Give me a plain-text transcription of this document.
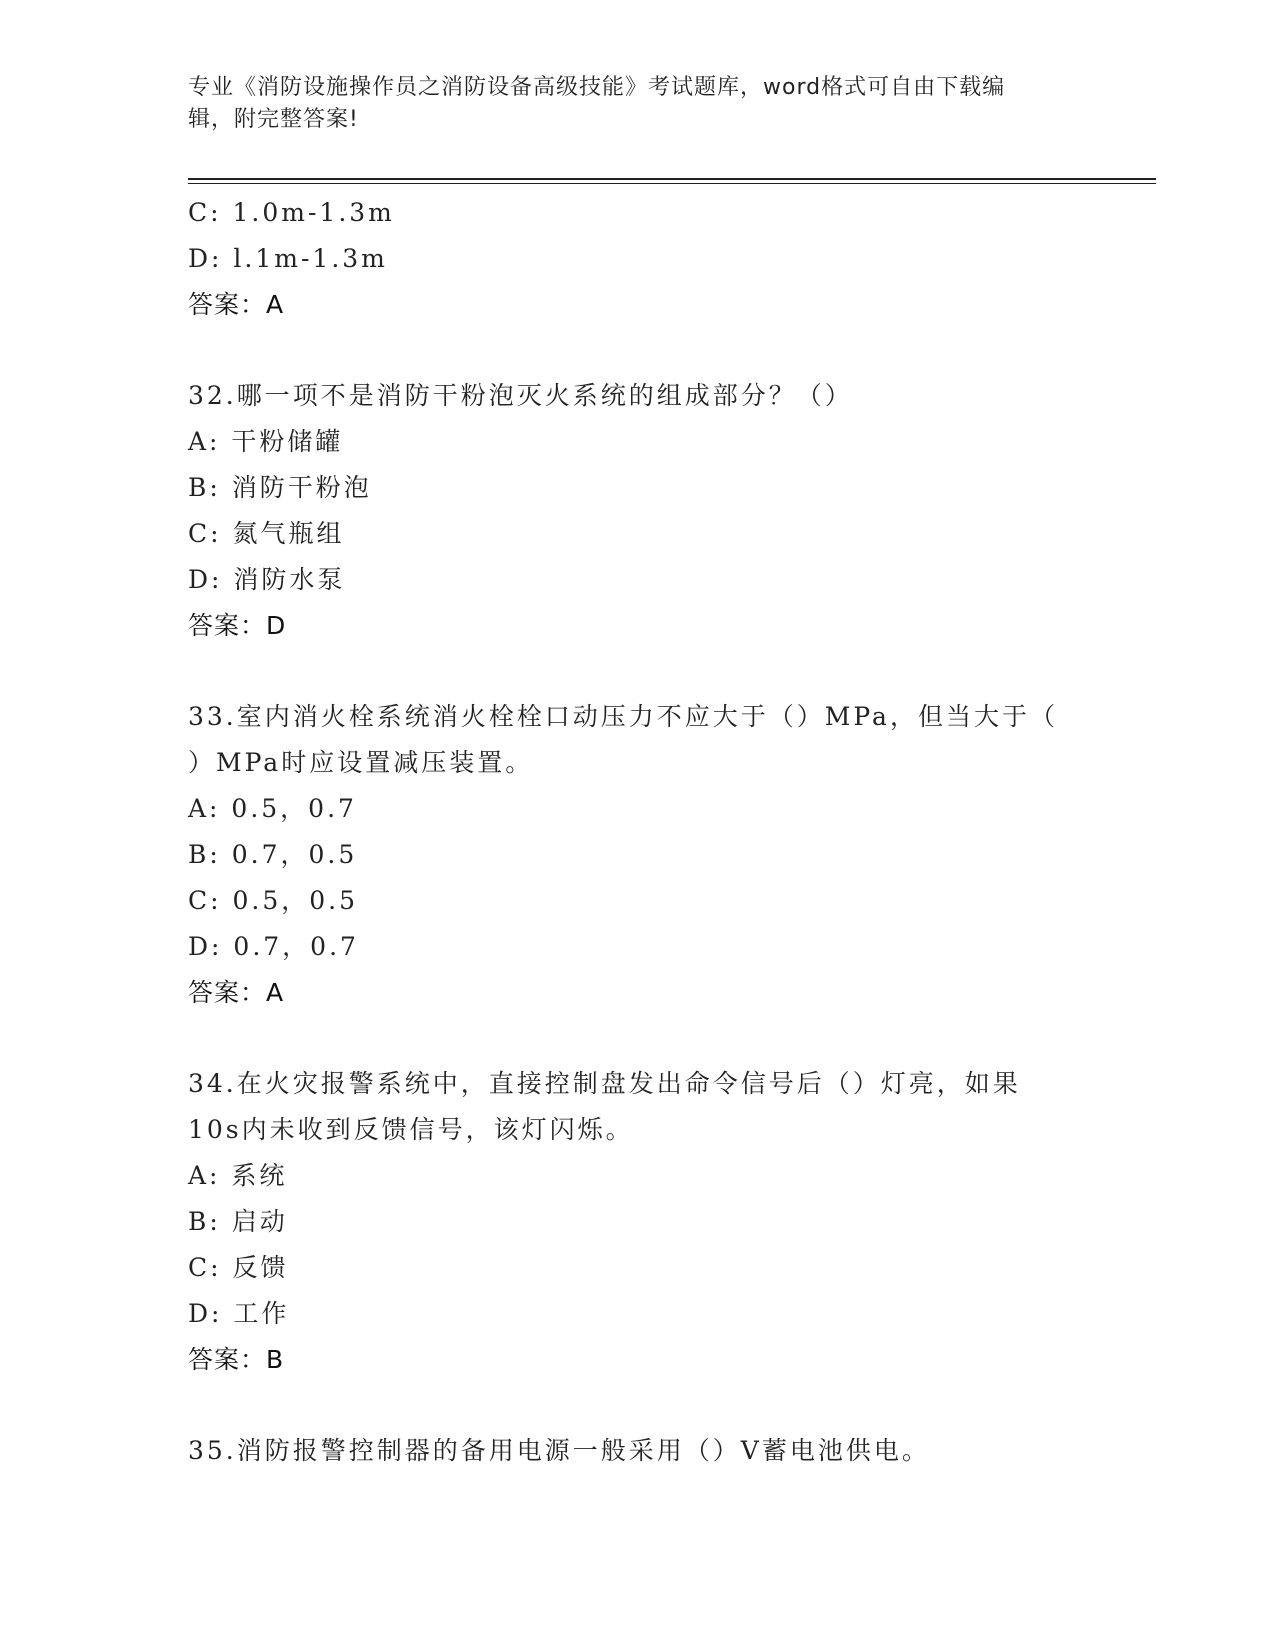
专业《消防设施操作员之消防设备高级技能》考试题库，word格式可自由下载编
辑，附完整答案!
C: 1.0m-1.3m
D: l.1m-1.3m
答案：A
32.哪一项不是消防干粉泡灭火系统的组成部分？（）
A: 干粉储罐
B: 消防干粉泡
C: 氮气瓶组
D: 消防水泵
答案：D
33.室内消火栓系统消火栓栓口动压力不应大于（）MPa，但当大于（
）MPa时应设置减压装置。
A: 0.5，0.7
B: 0.7，0.5
C: 0.5，0.5
D: 0.7，0.7
答案：A
34.在火灾报警系统中，直接控制盘发出命令信号后（）灯亮，如果
10s内未收到反馈信号，该灯闪烁。
A: 系统
B: 启动
C: 反馈
D: 工作
答案：B
35.消防报警控制器的备用电源一般采用（）V蓄电池供电。
